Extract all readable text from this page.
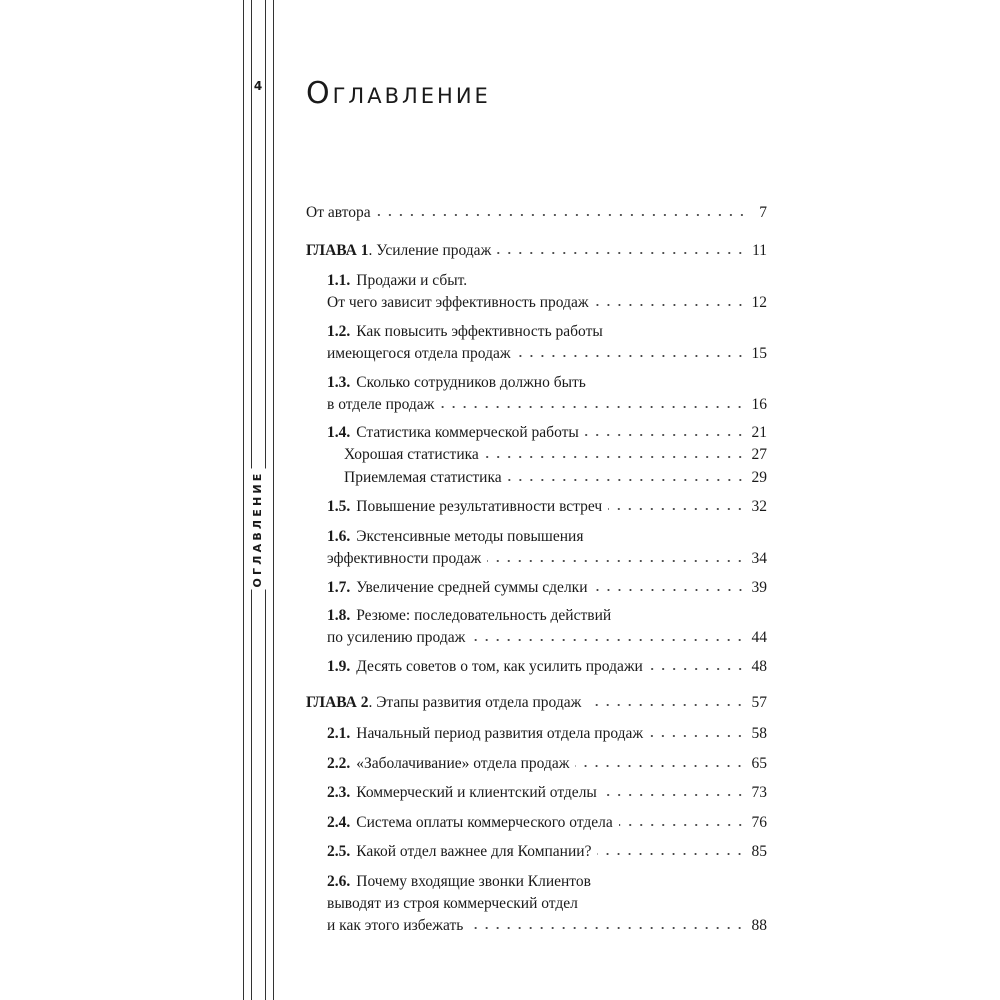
4
ОГЛАВЛЕНИЕ
Оглавление
От автора	7
ГЛАВА 1 . Усиление продаж	11
1.1. Продажи и сбыт.
От чего зависит эффективность продаж	12
1.2. Как повысить эффективность работы
имеющегося отдела продаж	15
1.3. Сколько сотрудников должно быть
в отделе продаж	16
1.4. Статистика коммерческой работы	21
Хорошая статистика	27
Приемлемая статистика	29
1.5. Повышение результативности встреч	32
1.6. Экстенсивные методы повышения
эффективности продаж	34
1.7. Увеличение средней суммы сделки	39
1.8. Резюме: последовательность действий
по усилению продаж	44
1.9. Десять советов о том, как усилить продажи	48
ГЛАВА 2 . Этапы развития отдела продаж	57
2.1. Начальный период развития отдела продаж	58
2.2. «Заболачивание» отдела продаж	65
2.3. Коммерческий и клиентский отделы	73
2.4. Система оплаты коммерческого отдела	76
2.5. Какой отдел важнее для Компании?	85
2.6. Почему входящие звонки Клиентов
выводят из строя коммерческий отдел
и как этого избежать	88
